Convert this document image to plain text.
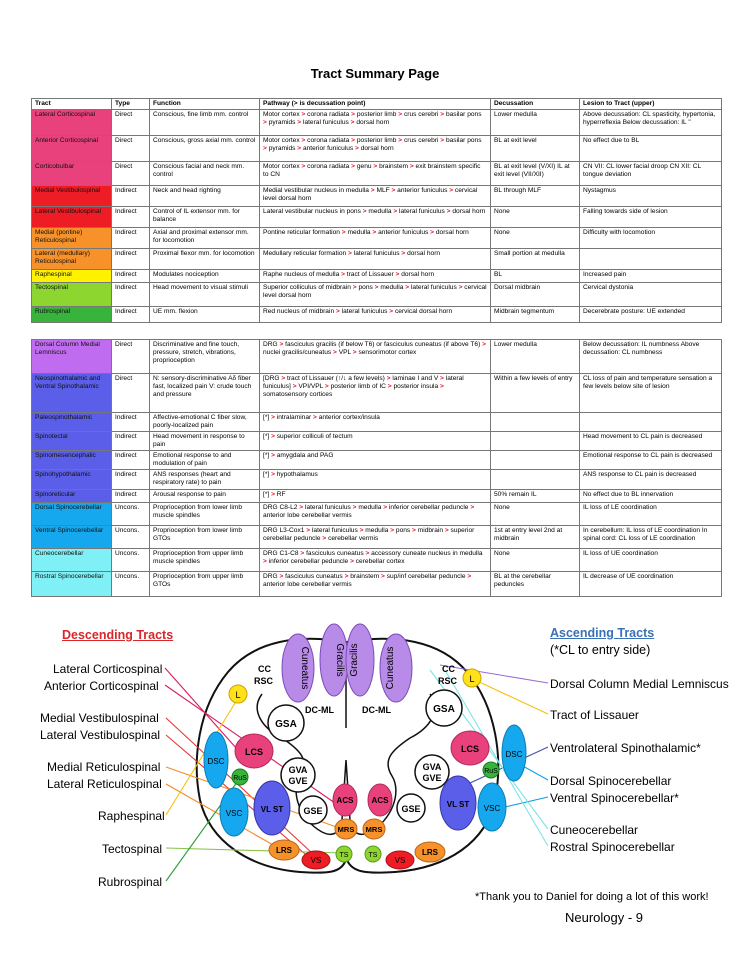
Tract Summary Page
Tract	Type	Function	Pathway (> is decussation point)	Decussation	Lesion to Tract (upper)
Lateral Corticospinal	Direct	Conscious, fine limb mm. control	Motor cortex > corona radiata > posterior limb > crus cerebri > basilar pons > pyramids > lateral funiculus > dorsal horn	Lower medulla	Above decussation: CL spasticity, hypertonia, hyperreflexia Below decussation: IL "
Anterior Corticospinal	Direct	Conscious, gross axial mm. control	Motor cortex > corona radiata > posterior limb > crus cerebri > basilar pons > pyramids > anterior funiculus > dorsal horn	BL at exit level	No effect due to BL
Corticobulbar	Direct	Conscious facial and neck mm. control	Motor cortex > corona radiata > genu > brainstem > exit brainstem specific to CN	BL at exit level (V/XI) IL at exit level (VII/XII)	CN VII: CL lower facial droop CN XII: CL tongue deviation
Medial Vestibulospinal	Indirect	Neck and head righting	Medial vestibular nucleus in medulla > MLF > anterior funiculus > cervical level dorsal horn	BL through MLF	Nystagmus
Lateral Vestibulospinal	Indirect	Control of IL extensor mm. for balance	Lateral vestibular nucleus in pons > medulla > lateral funiculus > dorsal horn	None	Falling towards side of lesion
Medial (pontine) Reticulospinal	Indirect	Axial and proximal extensor mm. for locomotion	Pontine reticular formation > medulla > anterior funiculus > dorsal horn	None	Difficulty with locomotion
Lateral (medullary) Reticulospinal	Indirect	Proximal flexor mm. for locomotion	Medullary reticular formation > lateral funiculus > dorsal horn	Small portion at medulla	
Raphespinal	Indirect	Modulates nociception	Raphe nucleus of medulla > tract of Lissauer > dorsal horn	BL	Increased pain
Tectospinal	Indirect	Head movement to visual stimuli	Superior colliculus of midbrain > pons > medulla > lateral funiculus > cervical level dorsal horn	Dorsal midbrain	Cervical dystonia
Rubrospinal	Indirect	UE mm. flexion	Red nucleus of midbrain > lateral funiculus > cervical dorsal horn	Midbrain tegmentum	Decerebrate posture: UE extended
Dorsal Column Medial Lemniscus	Direct	Discriminative and fine touch, pressure, stretch, vibrations, proprioception	DRG > fasciculus gracilis (if below T6) or fasciculus cuneatus (if above T6) > nuclei gracilis/cuneatus > VPL > sensorimotor cortex	Lower medulla	Below decussation: IL numbness Above decussation: CL numbness
Neospinothalamic and Ventral Spinothalamic	Direct	N: sensory-discriminative Aδ fiber fast, localized pain V: crude touch and pressure	[DRG > tract of Lissauer (↑/↓ a few levels) > laminae I and V > lateral funiculus] > VPI/VPL > posterior limb of IC > posterior insula > somatosensory cortices	Within a few levels of entry	CL loss of pain and temperature sensation a few levels below site of lesion
Paleospinothalamic	Indirect	Affective-emotional C fiber slow, poorly-localized pain	[*] > intralaminar > anterior cortex/insula		
Spinotectal	Indirect	Head movement in response to pain	[*] > superior colliculi of tectum		Head movement to CL pain is decreased
Spinomesencephalic	Indirect	Emotional response to and modulation of pain	[*] > amygdala and PAG		Emotional response to CL pain is decreased
Spinohypothalamic	Indirect	ANS responses (heart and respiratory rate) to pain	[*] > hypothalamus		ANS response to CL pain is decreased
Spinoreticular	Indirect	Arousal response to pain	[*] > RF	50% remain IL	No effect due to BL innervation
Dorsal Spinocerebellar	Uncons.	Proprioception from lower limb muscle spindles	DRG C8-L2 > lateral funiculus > medulla > inferior cerebellar peduncle > anterior lobe cerebellar vermis	None	IL loss of LE coordination
Ventral Spinocerebellar	Uncons.	Proprioception from lower limb GTOs	DRG L3-Cox1 > lateral funiculus > medulla > pons > midbrain > superior cerebellar peduncle > cerebellar vermis	1st at entry level 2nd at midbrain	In cerebellum: IL loss of LE coordination In spinal cord: CL loss of LE coordination
Cuneocerebellar	Uncons.	Proprioception from upper limb muscle spindles	DRG C1-C8 > fasciculus cuneatus > accessory cuneate nucleus in medulla > inferior cerebellar peduncle > cerebellar cortex	None	IL loss of UE coordination
Rostral Spinocerebellar	Uncons.	Proprioception from upper limb GTOs	DRG > fasciculus cuneatus > brainstem > sup/inf cerebellar peduncle > anterior lobe cerebellar vermis	BL at the cerebellar peduncles	IL decrease of UE coordination
Descending Tracts	Ascending Tracts
(*CL to entry side)
Lateral Corticospinal
Anterior Corticospinal
Medial Vestibulospinal
Lateral Vestibulospinal
Medial Reticulospinal
Lateral Reticulospinal
Raphespinal
Tectospinal
Rubrospinal
Dorsal Column Medial Lemniscus
Tract of Lissauer
Ventrolateral Spinothalamic*
Dorsal Spinocerebellar
Ventral Spinocerebellar*
Cuneocerebellar
Rostral Spinocerebellar
Cuneatus Gracilis Gracilis	Cuneatus
CC
RSC
CC
RSC
DC-ML	DC-ML
L
L
GSA
GSA
LCS	LCS
DSC
DSC
RuS
RuS
GVA
GVE
GVA
GVE
VL ST
VL ST
VSC
VSC
GSE	GSE
ACS ACS
MRS MRS
LRS	LRS
VS	VS
TS	TS
*Thank you to Daniel for doing a lot of this work!
Neurology - 9
